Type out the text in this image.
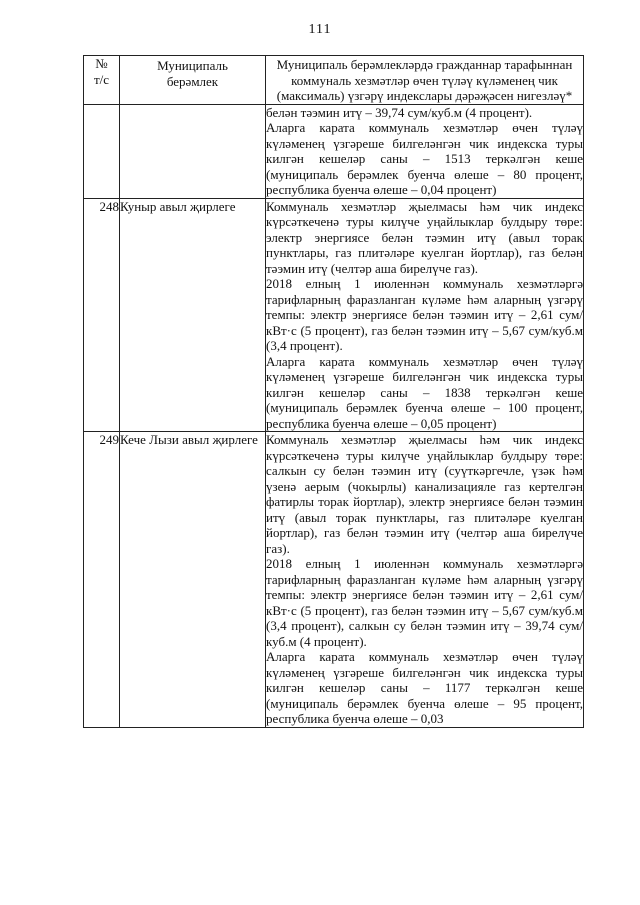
111
№
т/с	Муниципаль берәмлек	Муниципаль берәмлекләрдә гражданнар тарафыннан коммуналь хезмәтләр өчен түләү күләменең чик (максималь) үзгәрү индекслары дәрәҗәсен нигезләү*

		белән тәэмин итү – 39,74 сум/куб.м (4 процент).
Аларга карата коммуналь хезмәтләр өчен түләү күләменең үзгәреше билгеләнгән чик индекска туры килгән кешеләр саны – 1513 теркәлгән кеше (муниципаль берәмлек буенча өлеше – 80 процент, республика буенча өлеше – 0,04 процент)

248	Куныр авыл җирлеге	Коммуналь хезмәтләр җыелмасы һәм чик индекс күрсәткеченә туры килүче уңайлыклар булдыру төре: электр энергиясе белән тәэмин итү (авыл торак пунктлары, газ плитәләре куелган йортлар), газ белән тәэмин итү (челтәр аша бирелүче газ).
2018 елның 1 июленнән коммуналь хезмәтләргә тарифларның фаразланган күләме һәм аларның үзгәрү темпы: электр энергиясе белән тәэмин итү – 2,61 сум/кВт·с (5 процент), газ белән тәэмин итү – 5,67 сум/куб.м (3,4 процент).
Аларга карата коммуналь хезмәтләр өчен түләү күләменең үзгәреше билгеләнгән чик индекска туры килгән кешеләр саны – 1838 теркәлгән кеше (муниципаль берәмлек буенча өлеше – 100 процент, республика буенча өлеше – 0,05 процент)

249	Кече Лызи авыл җирлеге	Коммуналь хезмәтләр җыелмасы һәм чик индекс күрсәткеченә туры килүче уңайлыклар булдыру төре: салкын су белән тәэмин итү (суүткәргечле, үзәк һәм үзенә аерым (чокырлы) канализацияле газ кертелгән фатирлы торак йортлар), электр энергиясе белән тәэмин итү (авыл торак пунктлары, газ плитәләре куелган йортлар), газ белән тәэмин итү (челтәр аша бирелүче газ).
2018 елның 1 июленнән коммуналь хезмәтләргә тарифларның фаразланган күләме һәм аларның үзгәрү темпы: электр энергиясе белән тәэмин итү – 2,61 сум/кВт·с (5 процент), газ белән тәэмин итү – 5,67 сум/куб.м (3,4 процент), салкын су белән тәэмин итү – 39,74 сум/куб.м (4 процент).
Аларга карата коммуналь хезмәтләр өчен түләү күләменең үзгәреше билгеләнгән чик индекска туры килгән кешеләр саны – 1177 теркәлгән кеше (муниципаль берәмлек буенча өлеше – 95 процент, республика буенча өлеше – 0,03
